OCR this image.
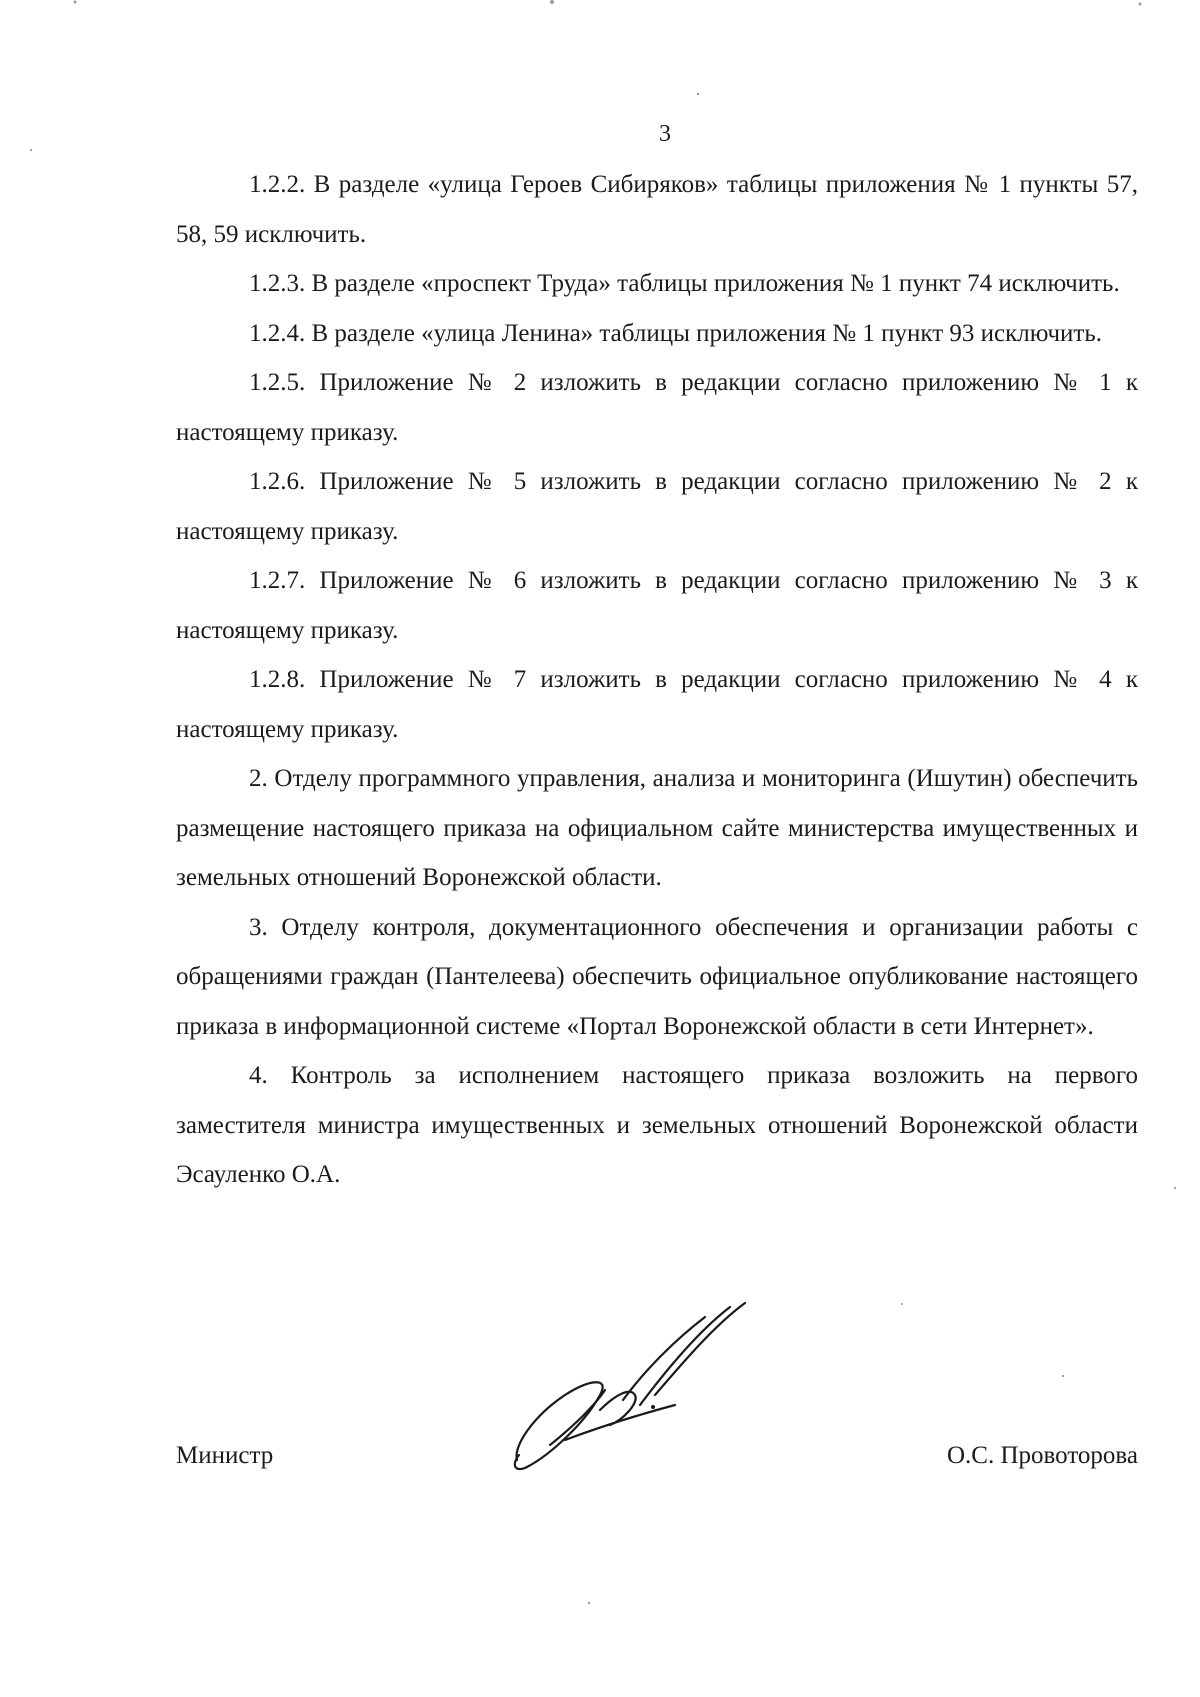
3

1.2.2. В разделе «улица Героев Сибиряков» таблицы приложения № 1 пункты 57, 58, 59 исключить.

1.2.3. В разделе «проспект Труда» таблицы приложения № 1 пункт 74 исключить.

1.2.4. В разделе «улица Ленина» таблицы приложения № 1 пункт 93 исключить.

1.2.5. Приложение № 2 изложить в редакции согласно приложению № 1 к настоящему приказу.

1.2.6. Приложение № 5 изложить в редакции согласно приложению № 2 к настоящему приказу.

1.2.7. Приложение № 6 изложить в редакции согласно приложению № 3 к настоящему приказу.

1.2.8. Приложение № 7 изложить в редакции согласно приложению № 4 к настоящему приказу.

2. Отделу программного управления, анализа и мониторинга (Ишутин) обеспечить размещение настоящего приказа на официальном сайте министерства имущественных и земельных отношений Воронежской области.

3. Отделу контроля, документационного обеспечения и организации работы с обращениями граждан (Пантелеева) обеспечить официальное опубликование настоящего приказа в информационной системе «Портал Воронежской области в сети Интернет».

4. Контроль за исполнением настоящего приказа возложить на первого заместителя министра имущественных и земельных отношений Воронежской области Эсауленко О.А.

Министр	О.С. Провоторова
